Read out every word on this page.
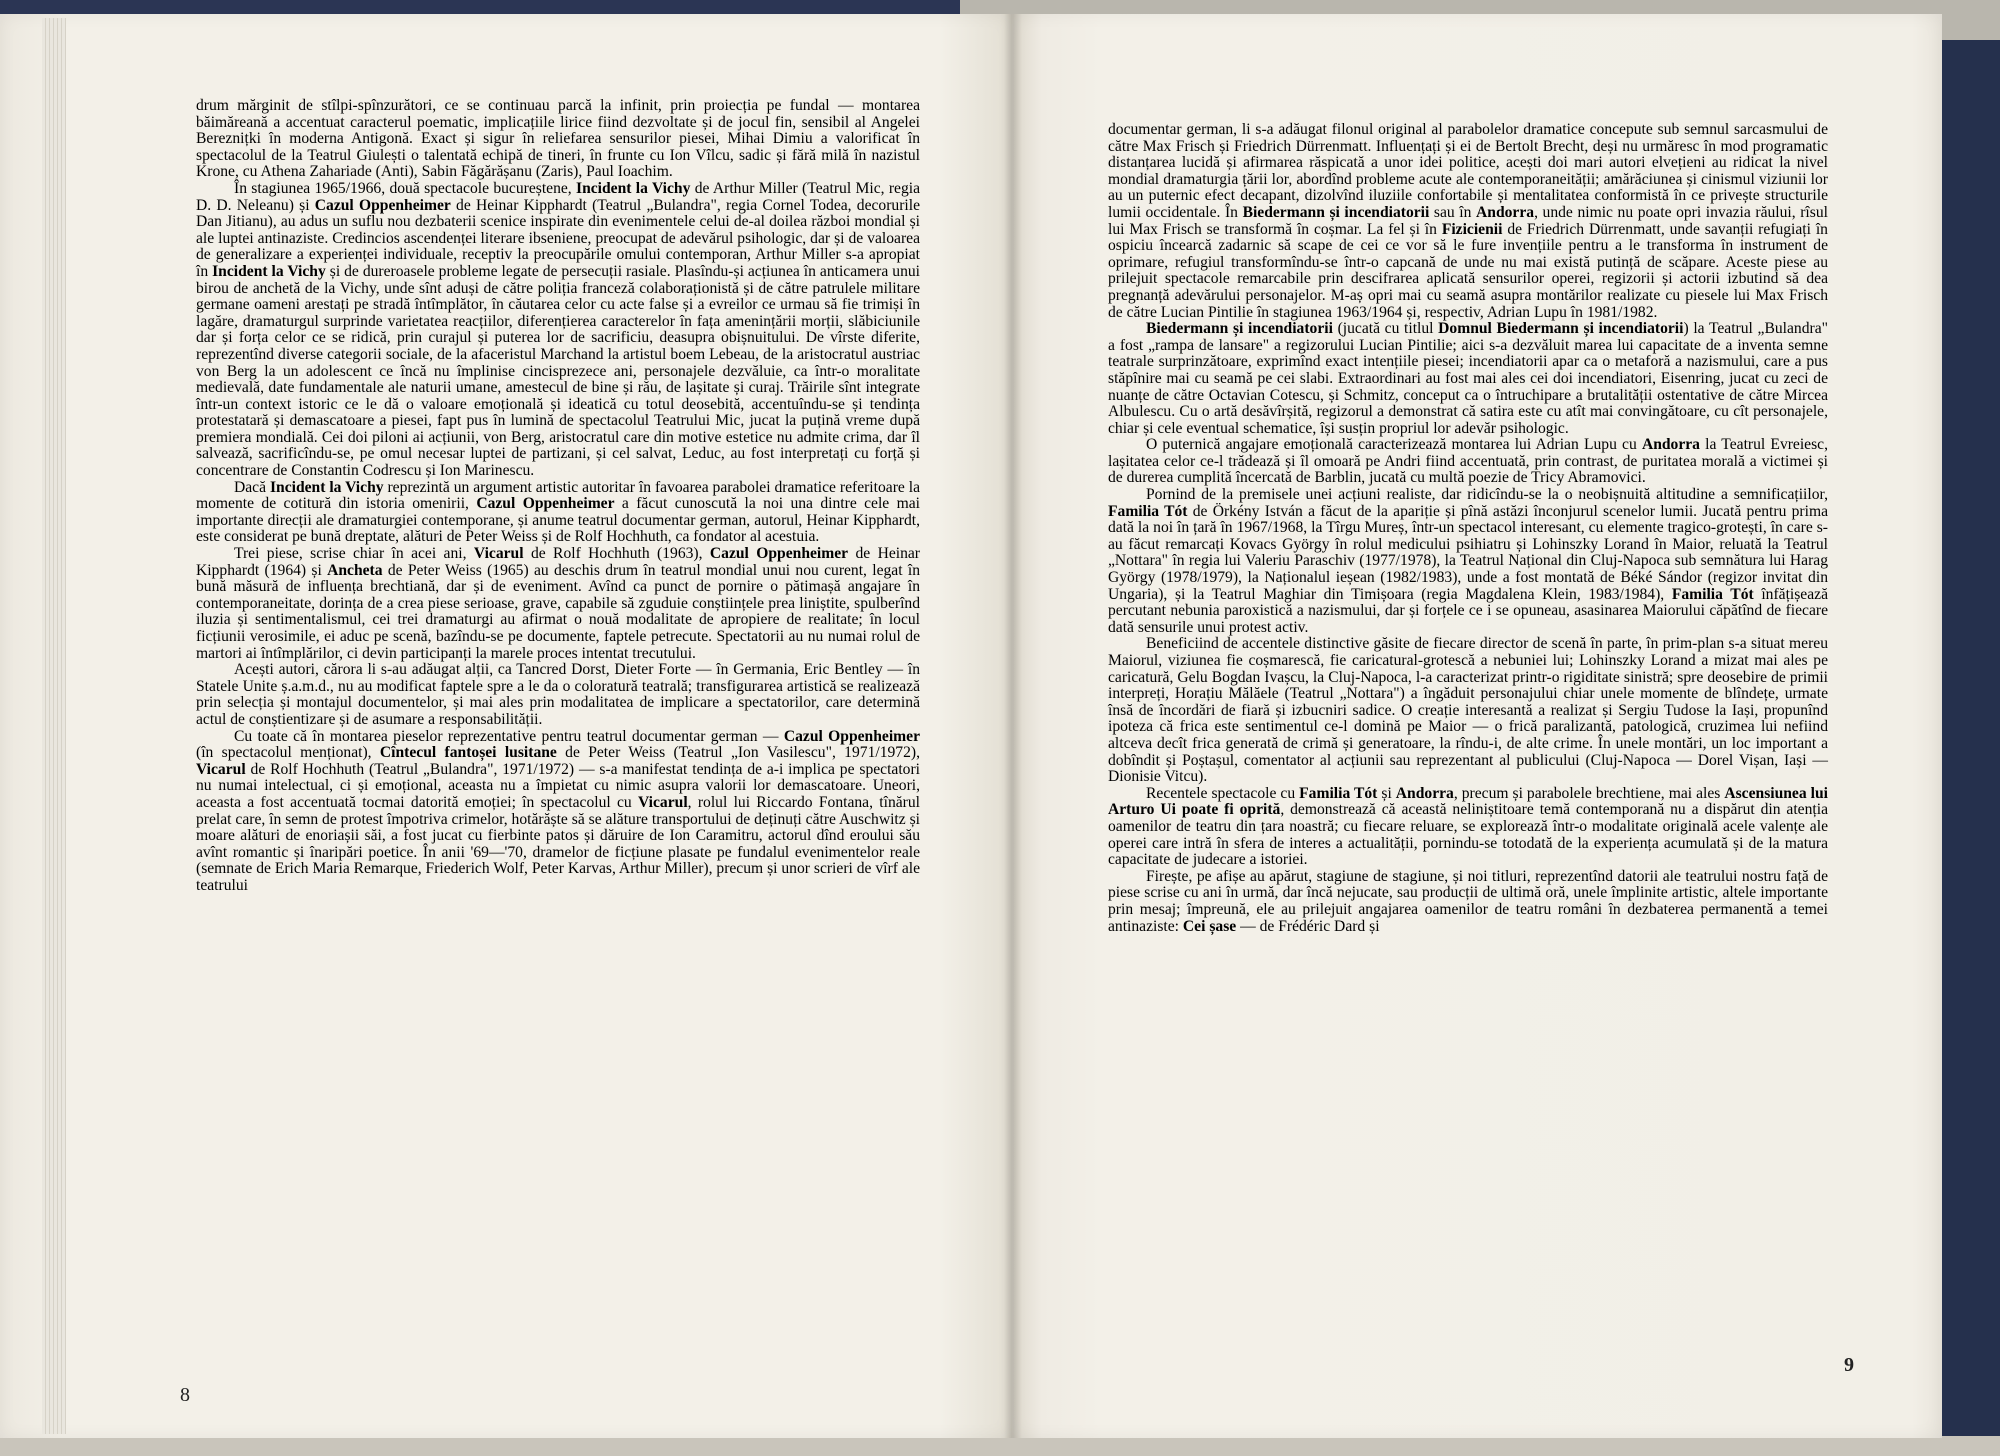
drum mărginit de stîlpi-spînzurători, ce se continuau parcă la infinit, prin proiecția pe fundal — montarea băimăreană a accentuat caracterul poematic, implicațiile lirice fiind dezvoltate și de jocul fin, sensibil al Angelei Bereznițki în moderna Antigonă. Exact și sigur în reliefarea sensurilor piesei, Mihai Dimiu a valorificat în spectacolul de la Teatrul Giulești o talentată echipă de tineri, în frunte cu Ion Vîlcu, sadic și fără milă în nazistul Krone, cu Athena Zahariade (Anti), Sabin Făgărășanu (Zaris), Paul Ioachim.

În stagiunea 1965/1966, două spectacole bucureștene, Incident la Vichy de Arthur Miller (Teatrul Mic, regia D. D. Neleanu) și Cazul Oppenheimer de Heinar Kipphardt (Teatrul „Bulandra", regia Cornel Todea, decorurile Dan Jitianu), au adus un suflu nou dezbaterii scenice inspirate din evenimentele celui de-al doilea război mondial și ale luptei antinaziste. Credincios ascendenței literare ibseniene, preocupat de adevărul psihologic, dar și de valoarea de generalizare a experienței individuale, receptiv la preocupările omului contemporan, Arthur Miller s-a apropiat în Incident la Vichy și de dureroasele probleme legate de persecuții rasiale. Plasîndu-și acțiunea în anticamera unui birou de anchetă de la Vichy, unde sînt aduși de către poliția franceză colaboraționistă și de către patrulele militare germane oameni arestați pe stradă întîmplător, în căutarea celor cu acte false și a evreilor ce urmau să fie trimiși în lagăre, dramaturgul surprinde varietatea reacțiilor, diferențierea caracterelor în fața amenințării morții, slăbiciunile dar și forța celor ce se ridică, prin curajul și puterea lor de sacrificiu, deasupra obișnuitului. De vîrste diferite, reprezentînd diverse categorii sociale, de la afaceristul Marchand la artistul boem Lebeau, de la aristocratul austriac von Berg la un adolescent ce încă nu împlinise cincisprezece ani, personajele dezvăluie, ca într-o moralitate medievală, date fundamentale ale naturii umane, amestecul de bine și rău, de lașitate și curaj. Trăirile sînt integrate într-un context istoric ce le dă o valoare emoțională și ideatică cu totul deosebită, accentuîndu-se și tendința protestatară și demascatoare a piesei, fapt pus în lumină de spectacolul Teatrului Mic, jucat la puțină vreme după premiera mondială. Cei doi piloni ai acțiunii, von Berg, aristocratul care din motive estetice nu admite crima, dar îl salvează, sacrificîndu-se, pe omul necesar luptei de partizani, și cel salvat, Leduc, au fost interpretați cu forță și concentrare de Constantin Codrescu și Ion Marinescu.

Dacă Incident la Vichy reprezintă un argument artistic autoritar în favoarea parabolei dramatice referitoare la momente de cotitură din istoria omenirii, Cazul Oppenheimer a făcut cunoscută la noi una dintre cele mai importante direcții ale dramaturgiei contemporane, și anume teatrul documentar german, autorul, Heinar Kipphardt, este considerat pe bună dreptate, alături de Peter Weiss și de Rolf Hochhuth, ca fondator al acestuia.

Trei piese, scrise chiar în acei ani, Vicarul de Rolf Hochhuth (1963), Cazul Oppenheimer de Heinar Kipphardt (1964) și Ancheta de Peter Weiss (1965) au deschis drum în teatrul mondial unui nou curent, legat în bună măsură de influența brechtiană, dar și de eveniment. Avînd ca punct de pornire o pătimașă angajare în contemporaneitate, dorința de a crea piese serioase, grave, capabile să zguduie conștiințele prea liniștite, spulberînd iluzia și sentimentalismul, cei trei dramaturgi au afirmat o nouă modalitate de apropiere de realitate; în locul ficțiunii verosimile, ei aduc pe scenă, bazîndu-se pe documente, faptele petrecute. Spectatorii au nu numai rolul de martori ai întîmplărilor, ci devin participanți la marele proces intentat trecutului.

Acești autori, cărora li s-au adăugat alții, ca Tancred Dorst, Dieter Forte — în Germania, Eric Bentley — în Statele Unite ș.a.m.d., nu au modificat faptele spre a le da o coloratură teatrală; transfigurarea artistică se realizează prin selecția și montajul documentelor, și mai ales prin modalitatea de implicare a spectatorilor, care determină actul de conștientizare și de asumare a responsabilității.

Cu toate că în montarea pieselor reprezentative pentru teatrul documentar german — Cazul Oppenheimer (în spectacolul menționat), Cîntecul fantoșei lusitane de Peter Weiss (Teatrul „Ion Vasilescu", 1971/1972), Vicarul de Rolf Hochhuth (Teatrul „Bulandra", 1971/1972) — s-a manifestat tendința de a-i implica pe spectatori nu numai intelectual, ci și emoțional, aceasta nu a împietat cu nimic asupra valorii lor demascatoare. Uneori, aceasta a fost accentuată tocmai datorită emoției; în spectacolul cu Vicarul, rolul lui Riccardo Fontana, tînărul prelat care, în semn de protest împotriva crimelor, hotărăște să se alăture transportului de deținuți către Auschwitz și moare alături de enoriașii săi, a fost jucat cu fierbinte patos și dăruire de Ion Caramitru, actorul dînd eroului său avînt romantic și înaripări poetice. În anii '69—'70, dramelor de ficțiune plasate pe fundalul evenimentelor reale (semnate de Erich Maria Remarque, Friederich Wolf, Peter Karvas, Arthur Miller), precum și unor scrieri de vîrf ale teatrului

8

documentar german, li s-a adăugat filonul original al parabolelor dramatice concepute sub semnul sarcasmului de către Max Frisch și Friedrich Dürrenmatt. Influențați și ei de Bertolt Brecht, deși nu urmăresc în mod programatic distanțarea lucidă și afirmarea răspicată a unor idei politice, acești doi mari autori elvețieni au ridicat la nivel mondial dramaturgia țării lor, abordînd probleme acute ale contemporaneității; amărăciunea și cinismul viziunii lor au un puternic efect decapant, dizolvînd iluziile confortabile și mentalitatea conformistă în ce privește structurile lumii occidentale. În Biedermann și incendiatorii sau în Andorra, unde nimic nu poate opri invazia răului, rîsul lui Max Frisch se transformă în coșmar. La fel și în Fizicienii de Friedrich Dürrenmatt, unde savanții refugiați în ospiciu încearcă zadarnic să scape de cei ce vor să le fure invențiile pentru a le transforma în instrument de oprimare, refugiul transformîndu-se într-o capcană de unde nu mai există putință de scăpare. Aceste piese au prilejuit spectacole remarcabile prin descifrarea aplicată sensurilor operei, regizorii și actorii izbutind să dea pregnanță adevărului personajelor. M-aș opri mai cu seamă asupra montărilor realizate cu piesele lui Max Frisch de către Lucian Pintilie în stagiunea 1963/1964 și, respectiv, Adrian Lupu în 1981/1982.

Biedermann și incendiatorii (jucată cu titlul Domnul Biedermann și incendiatorii) la Teatrul „Bulandra" a fost „rampa de lansare" a regizorului Lucian Pintilie; aici s-a dezvăluit marea lui capacitate de a inventa semne teatrale surprinzătoare, exprimînd exact intențiile piesei; incendiatorii apar ca o metaforă a nazismului, care a pus stăpînire mai cu seamă pe cei slabi. Extraordinari au fost mai ales cei doi incendiatori, Eisenring, jucat cu zeci de nuanțe de către Octavian Cotescu, și Schmitz, conceput ca o întruchipare a brutalității ostentative de către Mircea Albulescu. Cu o artă desăvîrșită, regizorul a demonstrat că satira este cu atît mai convingătoare, cu cît personajele, chiar și cele eventual schematice, își susțin propriul lor adevăr psihologic.

O puternică angajare emoțională caracterizează montarea lui Adrian Lupu cu Andorra la Teatrul Evreiesc, lașitatea celor ce-l trădează și îl omoară pe Andri fiind accentuată, prin contrast, de puritatea morală a victimei și de durerea cumplită încercată de Barblin, jucată cu multă poezie de Tricy Abramovici.

Pornind de la premisele unei acțiuni realiste, dar ridicîndu-se la o neobișnuită altitudine a semnificațiilor, Familia Tót de Örkény István a făcut de la apariție și pînă astăzi înconjurul scenelor lumii. Jucată pentru prima dată la noi în țară în 1967/1968, la Tîrgu Mureș, într-un spectacol interesant, cu elemente tragico-grotești, în care s-au făcut remarcați Kovacs György în rolul medicului psihiatru și Lohinszky Lorand în Maior, reluată la Teatrul „Nottara" în regia lui Valeriu Paraschiv (1977/1978), la Teatrul Național din Cluj-Napoca sub semnătura lui Harag György (1978/1979), la Naționalul ieșean (1982/1983), unde a fost montată de Béké Sándor (regizor invitat din Ungaria), și la Teatrul Maghiar din Timișoara (regia Magdalena Klein, 1983/1984), Familia Tót înfățișează percutant nebunia paroxistică a nazismului, dar și forțele ce i se opuneau, asasinarea Maiorului căpătînd de fiecare dată sensurile unui protest activ.

Beneficiind de accentele distinctive găsite de fiecare director de scenă în parte, în prim-plan s-a situat mereu Maiorul, viziunea fie coșmarescă, fie caricatural-grotescă a nebuniei lui; Lohinszky Lorand a mizat mai ales pe caricatură, Gelu Bogdan Ivașcu, la Cluj-Napoca, l-a caracterizat printr-o rigiditate sinistră; spre deosebire de primii interpreți, Horațiu Mălăele (Teatrul „Nottara") a îngăduit personajului chiar unele momente de blîndețe, urmate însă de încordări de fiară și izbucniri sadice. O creație interesantă a realizat și Sergiu Tudose la Iași, propunînd ipoteza că frica este sentimentul ce-l domină pe Maior — o frică paralizantă, patologică, cruzimea lui nefiind altceva decît frica generată de crimă și generatoare, la rîndu-i, de alte crime. În unele montări, un loc important a dobîndit și Poștașul, comentator al acțiunii sau reprezentant al publicului (Cluj-Napoca — Dorel Vișan, Iași — Dionisie Vitcu).

Recentele spectacole cu Familia Tót și Andorra, precum și parabolele brechtiene, mai ales Ascensiunea lui Arturo Ui poate fi oprită, demonstrează că această neliniștitoare temă contemporană nu a dispărut din atenția oamenilor de teatru din țara noastră; cu fiecare reluare, se explorează într-o modalitate originală acele valențe ale operei care intră în sfera de interes a actualității, pornindu-se totodată de la experiența acumulată și de la matura capacitate de judecare a istoriei.

Firește, pe afișe au apărut, stagiune de stagiune, și noi titluri, reprezentînd datorii ale teatrului nostru față de piese scrise cu ani în urmă, dar încă nejucate, sau producții de ultimă oră, unele împlinite artistic, altele importante prin mesaj; împreună, ele au prilejuit angajarea oamenilor de teatru români în dezbaterea permanentă a temei antinaziste: Cei șase — de Frédéric Dard și

9
